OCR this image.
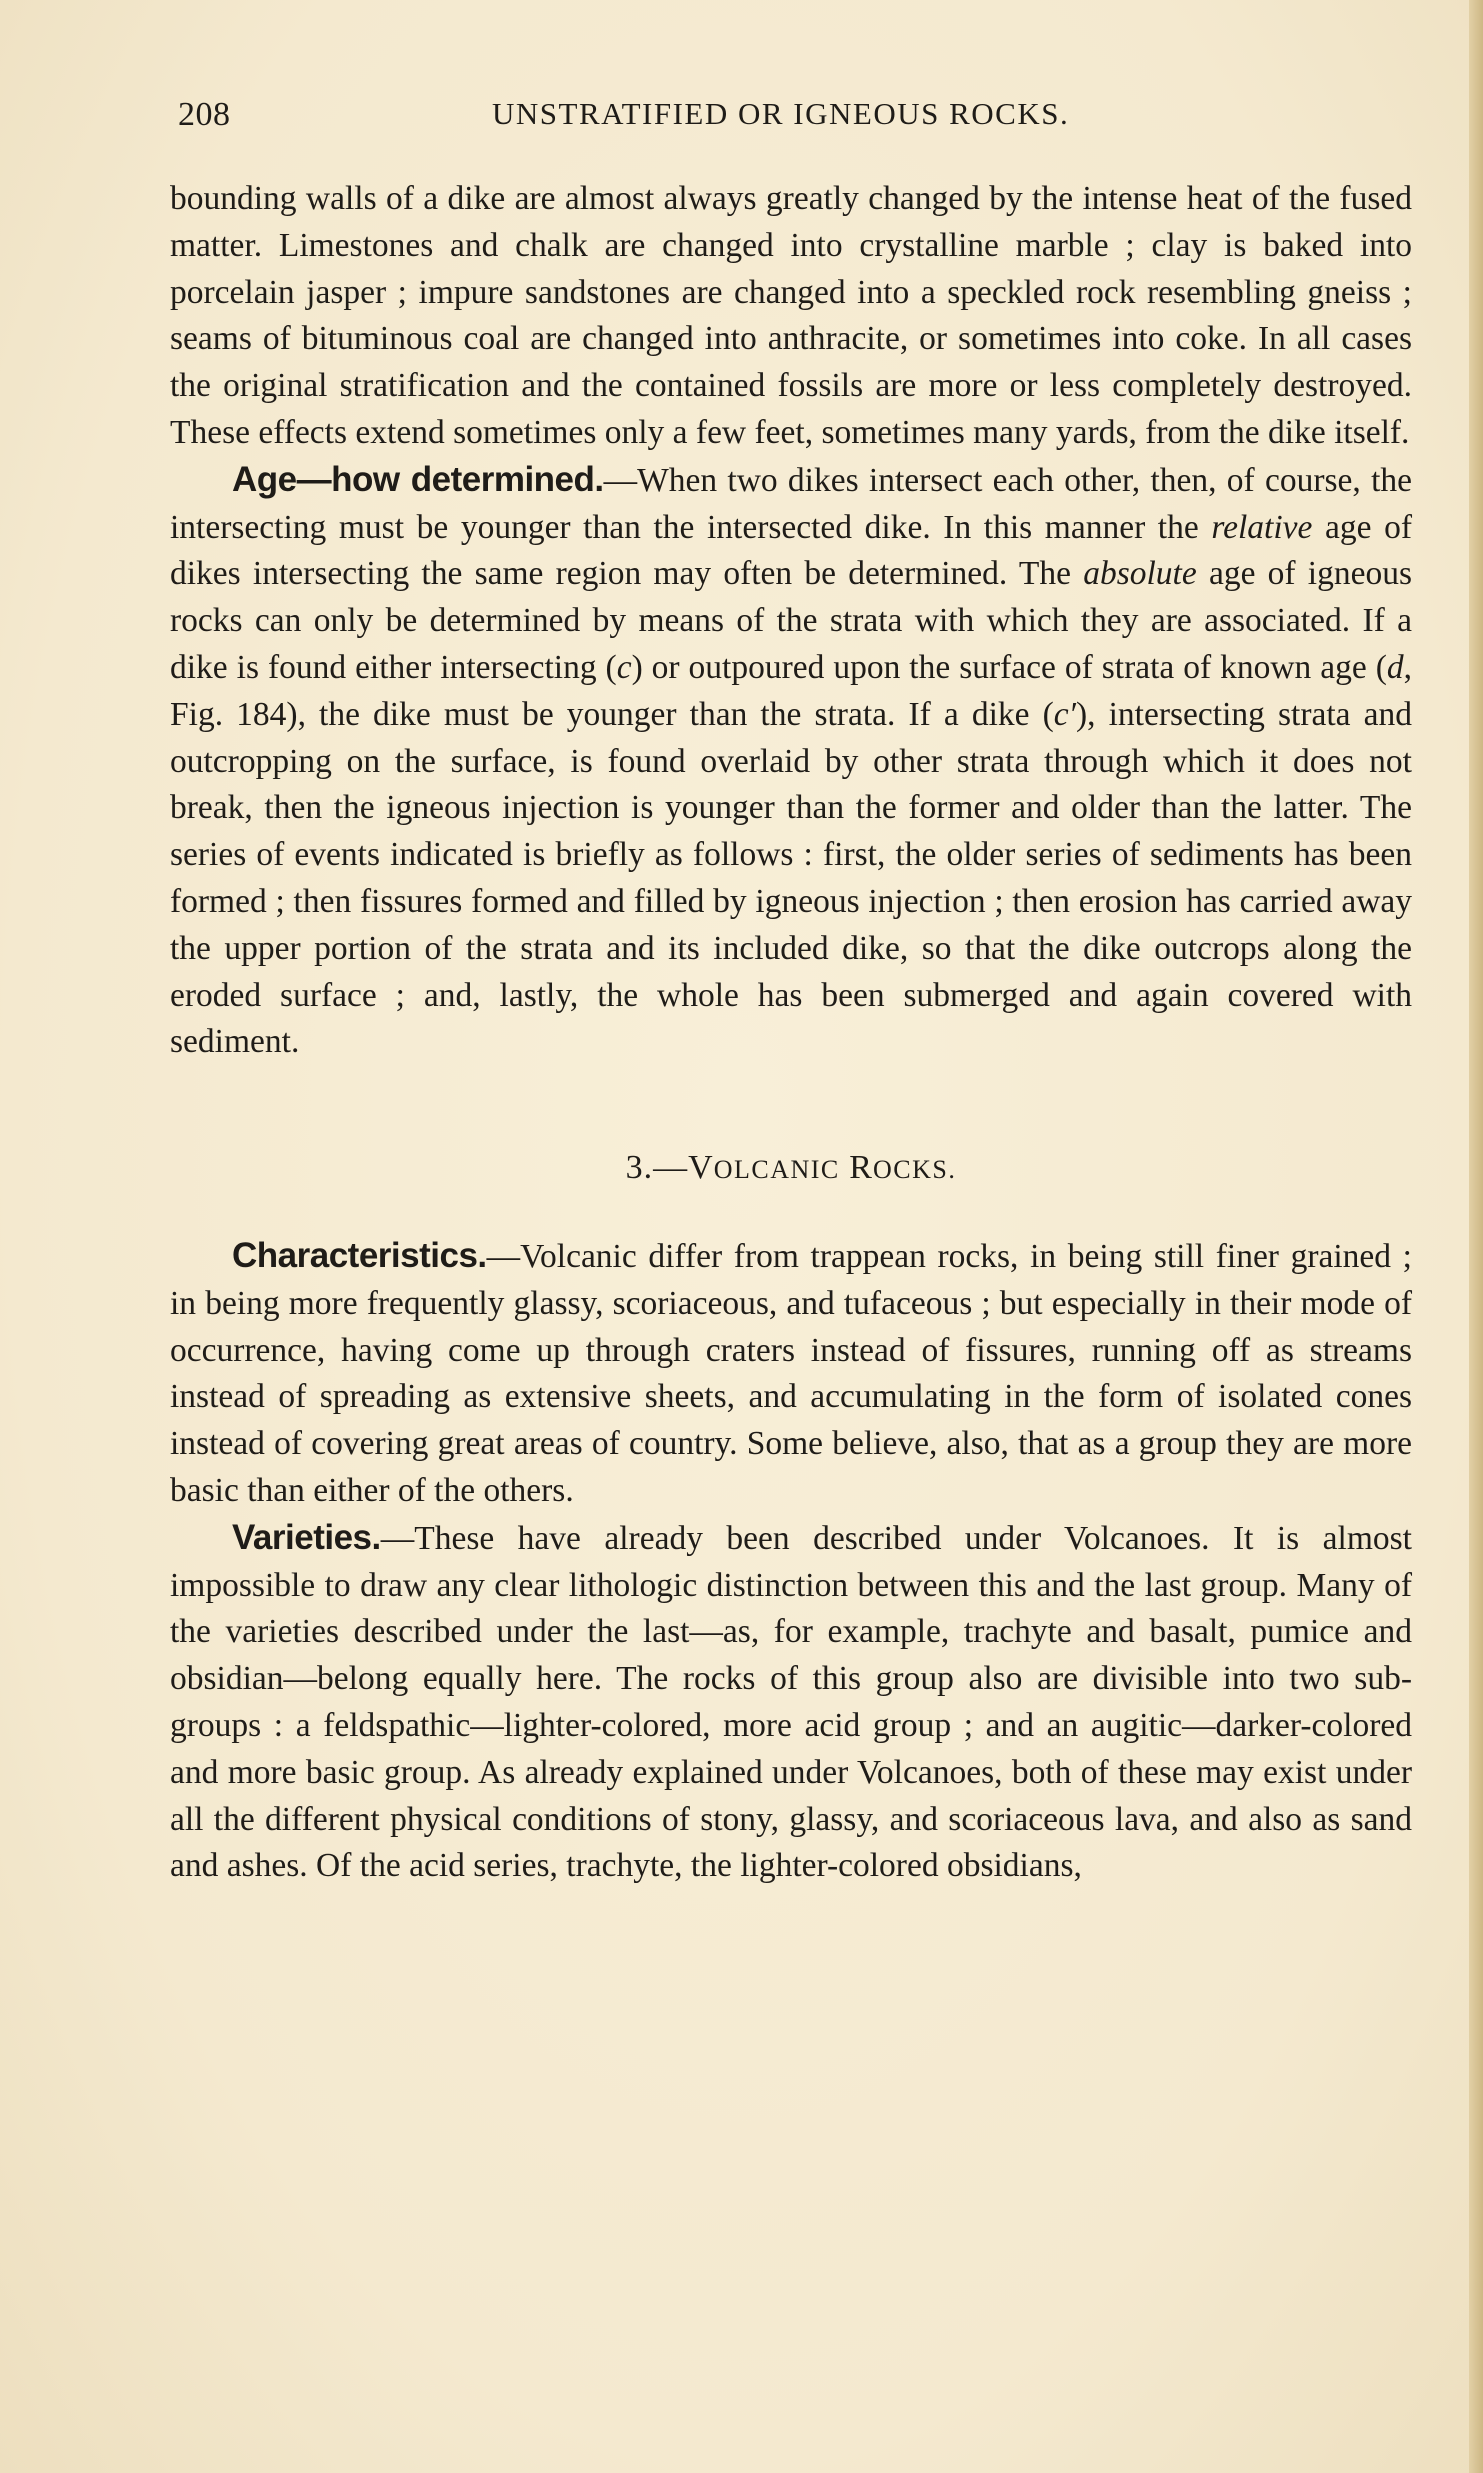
208	UNSTRATIFIED OR IGNEOUS ROCKS.

bounding walls of a dike are almost always greatly changed by the intense heat of the fused matter. Limestones and chalk are changed into crystalline marble ; clay is baked into porcelain jasper ; impure sandstones are changed into a speckled rock resembling gneiss ; seams of bituminous coal are changed into anthracite, or sometimes into coke. In all cases the original stratification and the contained fossils are more or less completely destroyed. These effects extend sometimes only a few feet, sometimes many yards, from the dike itself.

Age—how determined.—When two dikes intersect each other, then, of course, the intersecting must be younger than the intersected dike. In this manner the relative age of dikes intersecting the same region may often be determined. The absolute age of igneous rocks can only be determined by means of the strata with which they are associated. If a dike is found either intersecting (c) or outpoured upon the surface of strata of known age (d, Fig. 184), the dike must be younger than the strata. If a dike (c′), intersecting strata and outcropping on the surface, is found overlaid by other strata through which it does not break, then the igneous injection is younger than the former and older than the latter. The series of events indicated is briefly as follows : first, the older series of sediments has been formed ; then fissures formed and filled by igneous injection ; then erosion has carried away the upper portion of the strata and its included dike, so that the dike outcrops along the eroded surface ; and, lastly, the whole has been submerged and again covered with sediment.

3.—VOLCANIC ROCKS.

Characteristics.—Volcanic differ from trappean rocks, in being still finer grained ; in being more frequently glassy, scoriaceous, and tufaceous ; but especially in their mode of occurrence, having come up through craters instead of fissures, running off as streams instead of spreading as extensive sheets, and accumulating in the form of isolated cones instead of covering great areas of country. Some believe, also, that as a group they are more basic than either of the others.

Varieties.—These have already been described under Volcanoes. It is almost impossible to draw any clear lithologic distinction between this and the last group. Many of the varieties described under the last—as, for example, trachyte and basalt, pumice and obsidian—belong equally here. The rocks of this group also are divisible into two sub-groups : a feldspathic—lighter-colored, more acid group ; and an augitic—darker-colored and more basic group. As already explained under Volcanoes, both of these may exist under all the different physical conditions of stony, glassy, and scoriaceous lava, and also as sand and ashes. Of the acid series, trachyte, the lighter-colored obsidians,
